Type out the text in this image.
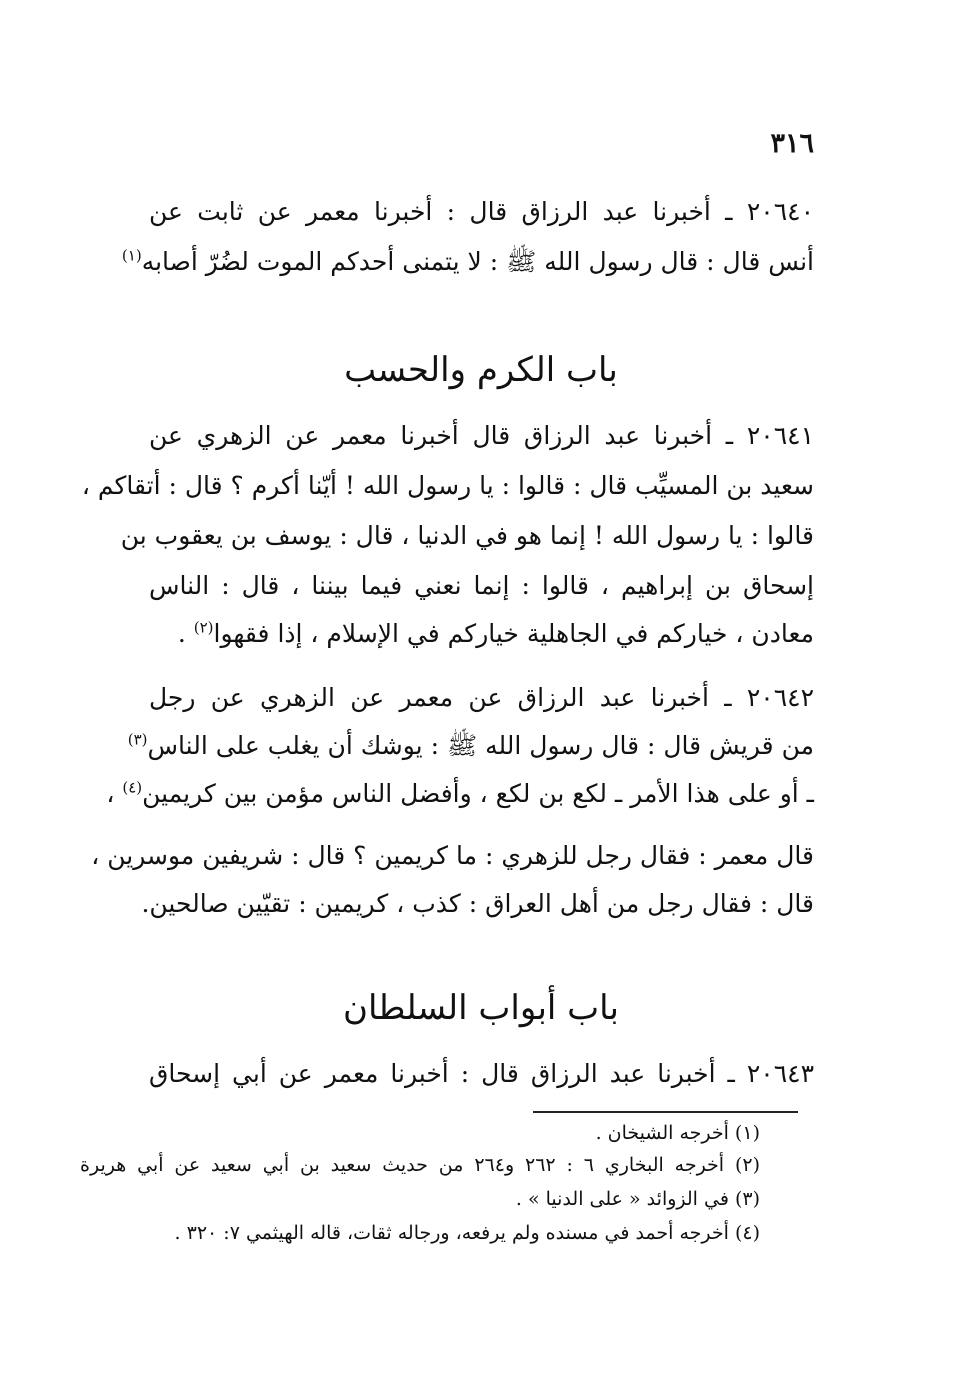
٣١٦
٢٠٦٤٠ ـ أخبرنا عبد الرزاق قال : أخبرنا معمر عن ثابت عن
أنس قال : قال رسول الله ﷺ : لا يتمنى أحدكم الموت لضُرّ أصابه$^{(١)}$
باب الكرم والحسب
٢٠٦٤١ ـ أخبرنا عبد الرزاق قال أخبرنا معمر عن الزهري عن
سعيد بن المسيِّب قال : قالوا : يا رسول الله ! أيّنا أكرم ؟ قال : أتقاكم ،
قالوا : يا رسول الله ! إنما هو في الدنيا ، قال : يوسف بن يعقوب بن
إسحاق بن إبراهيم ، قالوا : إنما نعني فيما بيننا ، قال : الناس
معادن ، خياركم في الجاهلية خياركم في الإسلام ، إذا فقهوا$^{(٢)}$ .
٢٠٦٤٢ ـ أخبرنا عبد الرزاق عن معمر عن الزهري عن رجل
من قريش قال : قال رسول الله ﷺ : يوشك أن يغلب على الناس$^{(٣)}$
ـ أو على هذا الأمر ـ لكع بن لكع ، وأفضل الناس مؤمن بين كريمين$^{(٤)}$ ،
قال معمر : فقال رجل للزهري : ما كريمين ؟ قال : شريفين موسرين ،
قال : فقال رجل من أهل العراق : كذب ، كريمين : تقيّين صالحين.
باب أبواب السلطان
٢٠٦٤٣ ـ أخبرنا عبد الرزاق قال : أخبرنا معمر عن أبي إسحاق
(١) أخرجه الشيخان .
(٢) أخرجه البخاري ٦ : ٢٦٢ و٢٦٤ من حديث سعيد بن أبي سعيد عن أبي هريرة
(٣) في الزوائد « على الدنيا » .
(٤) أخرجه أحمد في مسنده ولم يرفعه، ورجاله ثقات، قاله الهيثمي ٧: ٣٢٠ .
